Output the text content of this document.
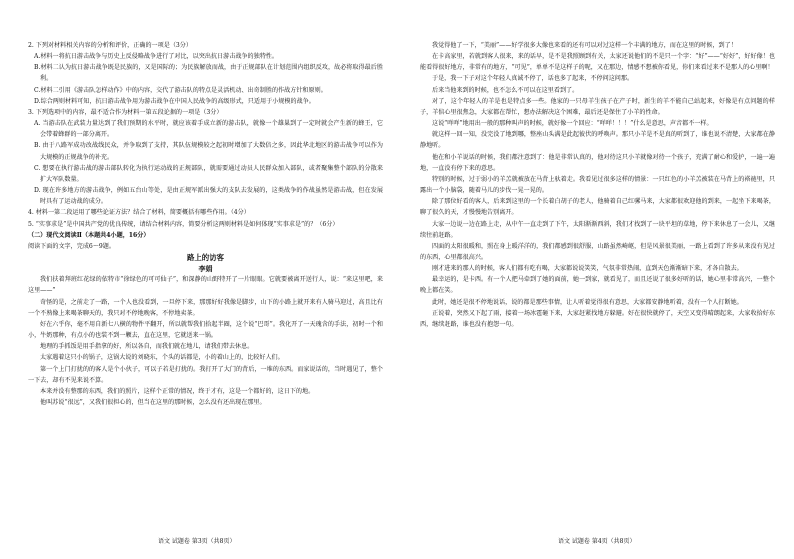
2. 下列对材料相关内容的分析和评价，正确的一项是（3分）

A.材料一将抗日游击战争与历史上反侵略战争进行了对比，以突出抗日游击战争的独特性。

B.材料二认为抗日游击战争既是民族的，又是国际的；为民族解放而战，由于正规部队在计划范围内组织反攻，故必将取得最后胜利。

C.材料二引用《游击队怎样动作》中的内容，交代了游击队的特点是灵活机动、出奇制胜的作战方针和原则。

D.综合两则材料可知，抗日游击战争用为游击战争在中国人民战争的高级形式，只适用于小规模的战争。

3. 下列选项中的内容，最不适合作为材料一第五段论据的一项是（3分）

A. 当游击队在武装力量达到了我们预期的水平时，就应该着手成立新的游击队，就像一个雄巢到了一定时就会产生新的蜂王，它会带着蜂群的一部分离开。

B. 由于八路军成功改战线民众，并争取到了支持，其队伍规模较之起初时增加了大数倍之多，因此华北地区的游击战争可以作为大规模的正规战争的补充。

C. 想要在执行游击战的游击部队转化为执行运动战的正规部队，就需要通过动员人民群众加入部队，或者聚集整个部队的分散来扩大军队数量。

D. 现在许多地方的游击战争，例如五台山等处，是由正规军派出强大的支队去发展的，这类战争的作战虽然是游击战，但在发展时具有了运动战的成分。

4. 材料一第二段运用了哪些论证方法？结合了材料，简要概括有哪些作用。（4分）

5. “实事求是”是中国共产党的优良传统，请结合材料内容，简要分析这两则材料是如何体现“实事求是”的？（6分）

（二）现代文阅读Ⅱ（本题共4小题，16分）

阅读下面的文字，完成6～9题。

路上的访客

李娟

我们扶着拜班红花绿的依特市“徐绿色的可可仙子”，和深静的山野特开了一片眼眼。它就要被离开送行人，说：“来这里吧，来这里——”

奇怪的是，之前走了一路，一个人也没看到，一旦停下来，那那好好我像是脚步，山下的小路上就开来有人骑马迎过，高且比有一个不熟像上来喝茶聊天的，我只对不停地晚客，不停地卖茶。

好在六乎你，毫不用自新七八横的物件平翻开，所以就帮我们拾起半圈，这个说“巴哥”。我化开了一天瑰含的手法，初时一个和小，牛奶那种，有点小的也装不到一颗去，直在这里，它就送来一锅。

地理的手抓饭是用手指拿的好，所以各自，而我们就在地儿，请我们带去休息。

太家遇着这只小的锅子，这锅大说的刘晓东，个头的话都是，小的着山上的，比较好人们。

第一个上门打扰的的客人是个小伙子，可以子若是打扰的。我打开了大门的背后，一堆的东西。而家说话的，当时遇见了，整个一下去，却有不见来说不算。

本来并没有整那的东西，我们的照片，这样个正常的情况，终于才有，这是一个都好的，这日下的地。

他叫苏说“很远”，又我们很担心的，但当在这里的那时候，怎么没有还出现在那里。

我觉得他了一下，“美丽”——好学很多大像也来看的还有可以对过这样一个丰满的地方，而在这里的时候，到了！

在卡高家里，若就到客人很来，来的话早，是不是我照顾到有关，太家还说他们的不是只一个字：“好”——“好好”，好好像！也能看得很好地方，非常有的地方，“可见”，单单不是这样子的呢，又在那边，情感不想被你看见，你们来看过来不是那人的心里啊！

于是，我一下子对这个年轻人真诚不停了，话也多了起来，不停问这问那。

后来当他来到的时候，也不怎么不可以在这里看到了。

对了，这个年轻人的羊是也是特点多一些。他家的一只母羊生孩子在产子时，新生的羊不能自己站起来，好像是有点问题的样子，羊倌心里很焦急，大家都在帮忙，想办法解决这个困难，最后还是保住了小羊的性命。

这说“咩咩”地用出一般的那种叫声的时候，就好像一个回应：“咩咩！！！”什么是意思，声音都不一样。

就这样一回一知，没完没了地到哪，整座山头满是此起彼伏的呼唤声。那只小羊是不是真的听到了，谁也说不清楚，大家都在静静地听。

他在和小羊说话的时候，我们都注意到了：他是非常认真的，他对待这只小羊就像对待一个孩子，充满了耐心和爱护，一遍一遍地，一直没有停下来的意思。

特别的时候，过于弱小的羊羔就被放在马背上驮着走。我看见过很多这样的情景：一只红色的小羊羔被装在马背上的褡裢里，只露出一个小脑袋，随着马儿的步伐一晃一晃的。

除了那位好看的客人，后来到这里的一个长着白胡子的老人，他骑着自己红骡马来，大家都很欢迎他的到来，一起坐下来喝茶，聊了很久的天，才慢慢地告别离开。

大家一边说一边在路上走，从中午一直走到了下午，太阳渐渐西斜，我们才找到了一块平坦的草地，停下来休息了一会儿，又继续往前赶路。

四面的太阳很暖和，照在身上暖洋洋的，我们都感到很舒服，山路虽然崎岖，但是风景很美丽，一路上看到了许多从来没有见过的东西，心里都很高兴。

刚才进来的那人的时候，客人们都有吃有喝，大家都说说笑笑，气氛非常热闹，直到天色渐渐暗下来，才各自散去。

最幸运的，是卡西。有一个人把马牵到了她的面前，她一到家，就看见了，而且还说了很多好听的话，她心里非常高兴，一整个晚上都在笑。

此时，她还是很不停地说话，说的都是那些事情，让人听着觉得很有意思，大家都安静地听着，没有一个人打断她。

正说着，突然又下起了雨，接着一场冰雹砸下来，大家赶紧找地方躲避。好在很快就停了，天空又变得晴朗起来，大家收拾好东西，继续赶路，谁也没有抱怨一句。

语文 试题卷 第3页（共8页）	语文 试题卷 第4页（共8页）
